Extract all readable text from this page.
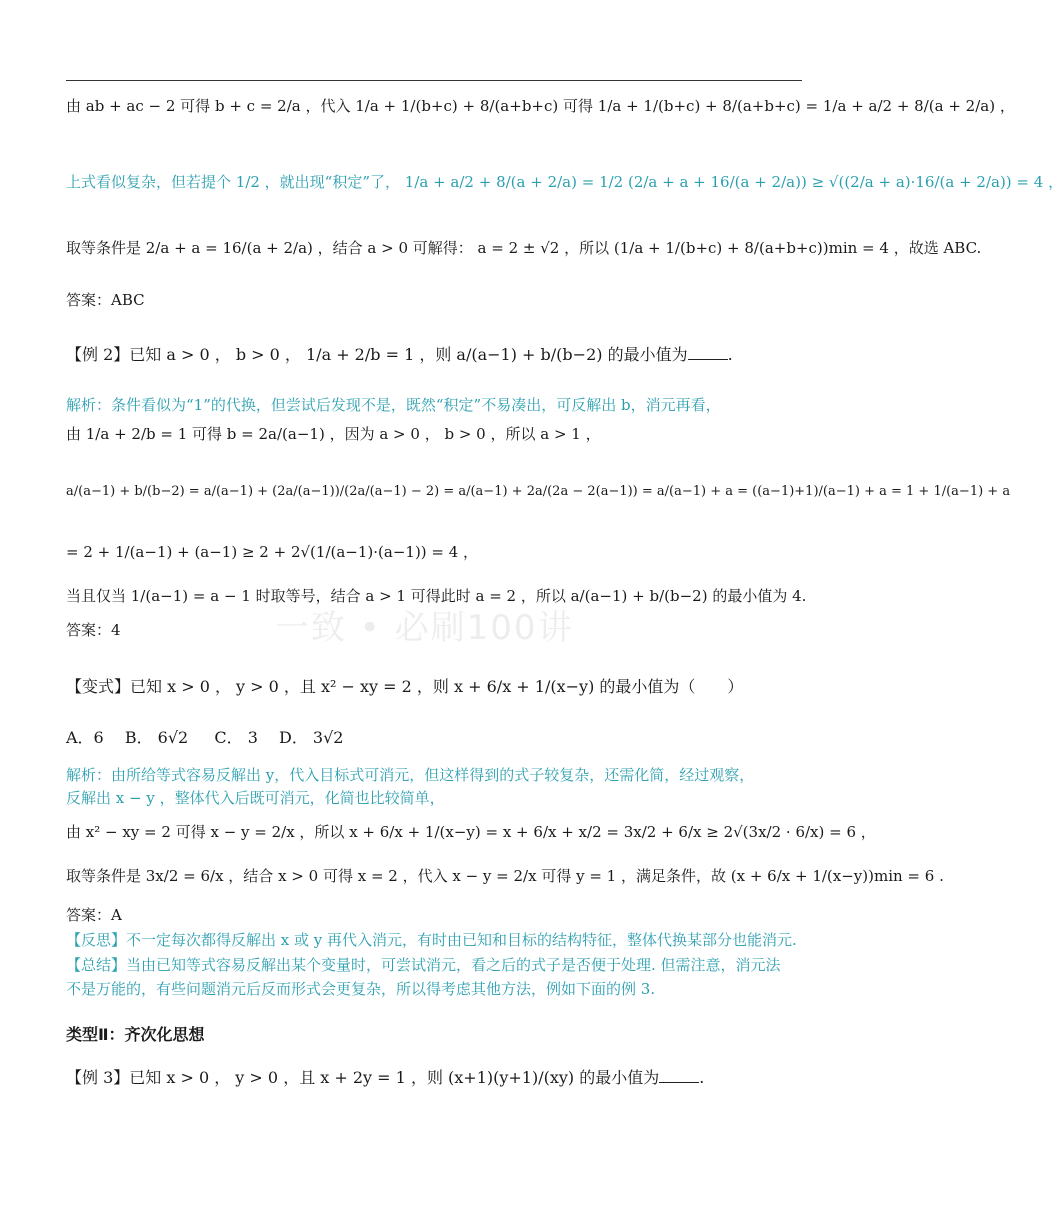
一致 • 必刷100讲
由 ab + ac − 2 可得 b + c = 2/a ，代入 1/a + 1/(b+c) + 8/(a+b+c) 可得 1/a + 1/(b+c) + 8/(a+b+c) = 1/a + a/2 + 8/(a + 2/a) ，
上式看似复杂，但若提个 1/2 ，就出现“积定”了， 1/a + a/2 + 8/(a + 2/a) = 1/2 (2/a + a + 16/(a + 2/a)) ≥ √((2/a + a)·16/(a + 2/a)) = 4 ，
取等条件是 2/a + a = 16/(a + 2/a) ，结合 a > 0 可解得： a = 2 ± √2 ，所以 (1/a + 1/(b+c) + 8/(a+b+c))min = 4 ，故选 ABC.
答案：ABC
【例 2】已知 a > 0 ， b > 0 ， 1/a + 2/b = 1 ，则 a/(a−1) + b/(b−2) 的最小值为	.
解析：条件看似为“1”的代换，但尝试后发现不是，既然“积定”不易凑出，可反解出 b，消元再看，
由 1/a + 2/b = 1 可得 b = 2a/(a−1) ，因为 a > 0 ， b > 0 ，所以 a > 1 ，
a/(a−1) + b/(b−2) = a/(a−1) + (2a/(a−1))/(2a/(a−1) − 2) = a/(a−1) + 2a/(2a − 2(a−1)) = a/(a−1) + a = ((a−1)+1)/(a−1) + a = 1 + 1/(a−1) + a
= 2 + 1/(a−1) + (a−1) ≥ 2 + 2√(1/(a−1)·(a−1)) = 4 ，
当且仅当 1/(a−1) = a − 1 时取等号，结合 a > 1 可得此时 a = 2 ，所以 a/(a−1) + b/(b−2) 的最小值为 4.
答案：4
【变式】已知 x > 0 ， y > 0 ，且 x² − xy = 2 ，则 x + 6/x + 1/(x−y) 的最小值为（　　）
A．6　 B． 6√2 　 C． 3 　D． 3√2
解析：由所给等式容易反解出 y，代入目标式可消元，但这样得到的式子较复杂，还需化简，经过观察，
反解出 x − y ，整体代入后既可消元，化简也比较简单，
由 x² − xy = 2 可得 x − y = 2/x ，所以 x + 6/x + 1/(x−y) = x + 6/x + x/2 = 3x/2 + 6/x ≥ 2√(3x/2 · 6/x) = 6 ，
取等条件是 3x/2 = 6/x ，结合 x > 0 可得 x = 2 ，代入 x − y = 2/x 可得 y = 1 ，满足条件，故 (x + 6/x + 1/(x−y))min = 6 .
答案：A
【反思】不一定每次都得反解出 x 或 y 再代入消元，有时由已知和目标的结构特征，整体代换某部分也能消元.
【总结】当由已知等式容易反解出某个变量时，可尝试消元，看之后的式子是否便于处理. 但需注意，消元法
不是万能的，有些问题消元后反而形式会更复杂，所以得考虑其他方法，例如下面的例 3.
类型Ⅱ：齐次化思想
【例 3】已知 x > 0 ， y > 0 ，且 x + 2y = 1 ，则 (x+1)(y+1)/(xy) 的最小值为	.
